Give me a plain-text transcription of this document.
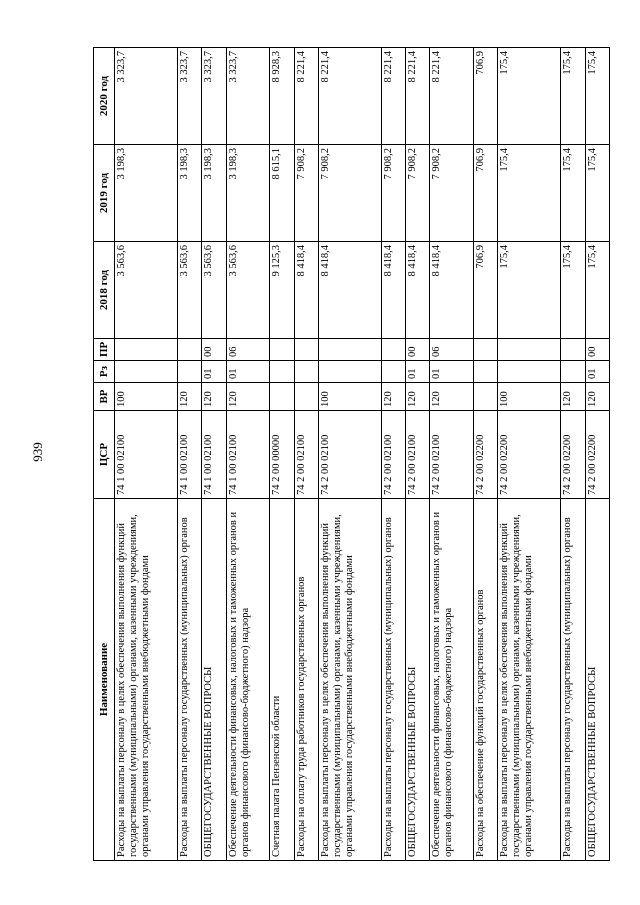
939
Наименование	ЦСР	ВР	Рз	ПР	2018 год	2019 год	2020 год
Расходы на выплаты персоналу в целях обеспечения выполнения функций государственными (муниципальными) органами, казенными учреждениями, органами управления государственными внебюджетными фондами	74 1 00 02100	100			3 563,6	3 198,3	3 323,7
Расходы на выплаты персоналу государственных (муниципальных) органов	74 1 00 02100	120			3 563,6	3 198,3	3 323,7
ОБЩЕГОСУДАРСТВЕННЫЕ ВОПРОСЫ	74 1 00 02100	120	01	00	3 563,6	3 198,3	3 323,7
Обеспечение деятельности финансовых, налоговых и таможенных органов и органов финансового (финансово-бюджетного) надзора	74 1 00 02100	120	01	06	3 563,6	3 198,3	3 323,7
Счетная палата Пензенской области	74 2 00 00000				9 125,3	8 615,1	8 928,3
Расходы на оплату труда работников государственных органов	74 2 00 02100				8 418,4	7 908,2	8 221,4
Расходы на выплаты персоналу в целях обеспечения выполнения функций государственными (муниципальными) органами, казенными учреждениями, органами управления государственными внебюджетными фондами	74 2 00 02100	100			8 418,4	7 908,2	8 221,4
Расходы на выплаты персоналу государственных (муниципальных) органов	74 2 00 02100	120			8 418,4	7 908,2	8 221,4
ОБЩЕГОСУДАРСТВЕННЫЕ ВОПРОСЫ	74 2 00 02100	120	01	00	8 418,4	7 908,2	8 221,4
Обеспечение деятельности финансовых, налоговых и таможенных органов и органов финансового (финансово-бюджетного) надзора	74 2 00 02100	120	01	06	8 418,4	7 908,2	8 221,4
Расходы на обеспечение функций государственных органов	74 2 00 02200				706,9	706,9	706,9
Расходы на выплаты персоналу в целях обеспечения выполнения функций государственными (муниципальными) органами, казенными учреждениями, органами управления государственными внебюджетными фондами	74 2 00 02200	100			175,4	175,4	175,4
Расходы на выплаты персоналу государственных (муниципальных) органов	74 2 00 02200	120			175,4	175,4	175,4
ОБЩЕГОСУДАРСТВЕННЫЕ ВОПРОСЫ	74 2 00 02200	120	01	00	175,4	175,4	175,4
